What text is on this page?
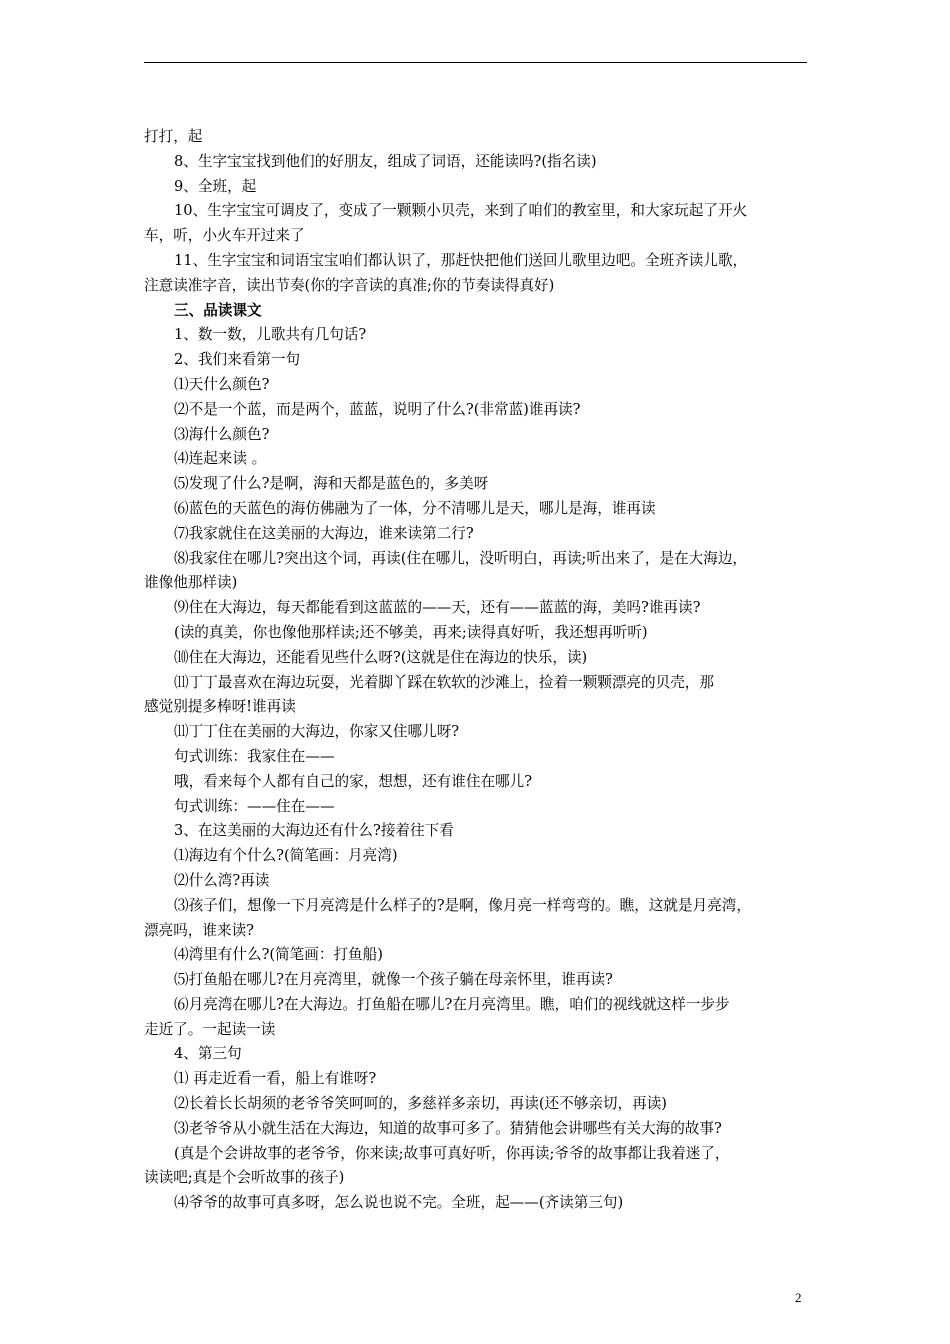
打打，起
8、生字宝宝找到他们的好朋友，组成了词语，还能读吗?(指名读)
9、全班，起
10、生字宝宝可调皮了，变成了一颗颗小贝壳，来到了咱们的教室里，和大家玩起了开火
车，听，小火车开过来了
11、生字宝宝和词语宝宝咱们都认识了，那赶快把他们送回儿歌里边吧。全班齐读儿歌，
注意读准字音，读出节奏(你的字音读的真准;你的节奏读得真好)
三、品读课文
1、数一数，儿歌共有几句话?
2、我们来看第一句
⑴天什么颜色?
⑵不是一个蓝，而是两个，蓝蓝，说明了什么?(非常蓝)谁再读?
⑶海什么颜色?
⑷连起来读 。
⑸发现了什么?是啊，海和天都是蓝色的，多美呀
⑹蓝色的天蓝色的海仿佛融为了一体，分不清哪儿是天，哪儿是海，谁再读
⑺我家就住在这美丽的大海边，谁来读第二行?
⑻我家住在哪儿?突出这个词，再读(住在哪儿，没听明白，再读;听出来了，是在大海边，
谁像他那样读)
⑼住在大海边，每天都能看到这蓝蓝的——天，还有——蓝蓝的海，美吗?谁再读?
(读的真美，你也像他那样读;还不够美，再来;读得真好听，我还想再听听)
⑽住在大海边，还能看见些什么呀?(这就是住在海边的快乐，读)
⑾丁丁最喜欢在海边玩耍，光着脚丫踩在软软的沙滩上，捡着一颗颗漂亮的贝壳，那
感觉别提多棒呀!谁再读
⑾丁丁住在美丽的大海边，你家又住哪儿呀?
句式训练：我家住在——
哦，看来每个人都有自己的家，想想，还有谁住在哪儿?
句式训练：——住在——
3、在这美丽的大海边还有什么?接着往下看
⑴海边有个什么?(简笔画：月亮湾)
⑵什么湾?再读
⑶孩子们，想像一下月亮湾是什么样子的?是啊，像月亮一样弯弯的。瞧，这就是月亮湾，
漂亮吗，谁来读?
⑷湾里有什么?(简笔画：打鱼船)
⑸打鱼船在哪儿?在月亮湾里，就像一个孩子躺在母亲怀里，谁再读?
⑹月亮湾在哪儿?在大海边。打鱼船在哪儿?在月亮湾里。瞧，咱们的视线就这样一步步
走近了。一起读一读
4、第三句
⑴ 再走近看一看，船上有谁呀?
⑵长着长长胡须的老爷爷笑呵呵的，多慈祥多亲切，再读(还不够亲切，再读)
⑶老爷爷从小就生活在大海边，知道的故事可多了。猜猜他会讲哪些有关大海的故事?
(真是个会讲故事的老爷爷，你来读;故事可真好听，你再读;爷爷的故事都让我着迷了，
读读吧;真是个会听故事的孩子)
⑷爷爷的故事可真多呀，怎么说也说不完。全班，起——(齐读第三句)
2
